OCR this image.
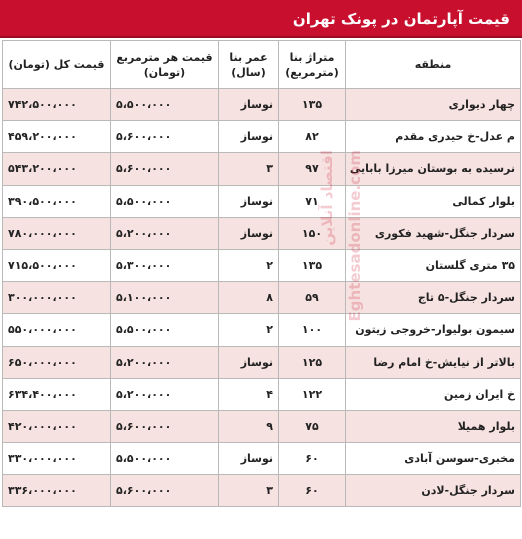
قیمت آپارتمان در پونک تهران
منطقه	متراژ بنا (مترمربع)	عمر بنا (سال)	قیمت هر مترمربع (تومان)	قیمت کل (تومان)
چهار دیواری	۱۳۵	نوساز	۵،۵۰۰،۰۰۰	۷۴۲،۵۰۰،۰۰۰
م عدل-خ حیدری مقدم	۸۲	نوساز	۵،۶۰۰،۰۰۰	۴۵۹،۲۰۰،۰۰۰
نرسیده به بوستان میرزا بابایی	۹۷	۳	۵،۶۰۰،۰۰۰	۵۴۳،۲۰۰،۰۰۰
بلوار کمالی	۷۱	نوساز	۵،۵۰۰،۰۰۰	۳۹۰،۵۰۰،۰۰۰
سردار جنگل-شهید فکوری	۱۵۰	نوساز	۵،۲۰۰،۰۰۰	۷۸۰،۰۰۰،۰۰۰
۳۵ متری گلستان	۱۳۵	۲	۵،۳۰۰،۰۰۰	۷۱۵،۵۰۰،۰۰۰
سردار جنگل-۵ تاج	۵۹	۸	۵،۱۰۰،۰۰۰	۳۰۰،۰۰۰،۰۰۰
سیمون بولیوار-خروجی زیتون	۱۰۰	۲	۵،۵۰۰،۰۰۰	۵۵۰،۰۰۰،۰۰۰
بالاتر از نیایش-خ امام رضا	۱۲۵	نوساز	۵،۲۰۰،۰۰۰	۶۵۰،۰۰۰،۰۰۰
خ ایران زمین	۱۲۲	۴	۵،۲۰۰،۰۰۰	۶۳۴،۴۰۰،۰۰۰
بلوار همیلا	۷۵	۹	۵،۶۰۰،۰۰۰	۴۲۰،۰۰۰،۰۰۰
مخبری-سوسن آبادی	۶۰	نوساز	۵،۵۰۰،۰۰۰	۳۳۰،۰۰۰،۰۰۰
سردار جنگل-لادن	۶۰	۳	۵،۶۰۰،۰۰۰	۳۳۶،۰۰۰،۰۰۰
اقتصاد آنلاین Eghtesadonline.com
